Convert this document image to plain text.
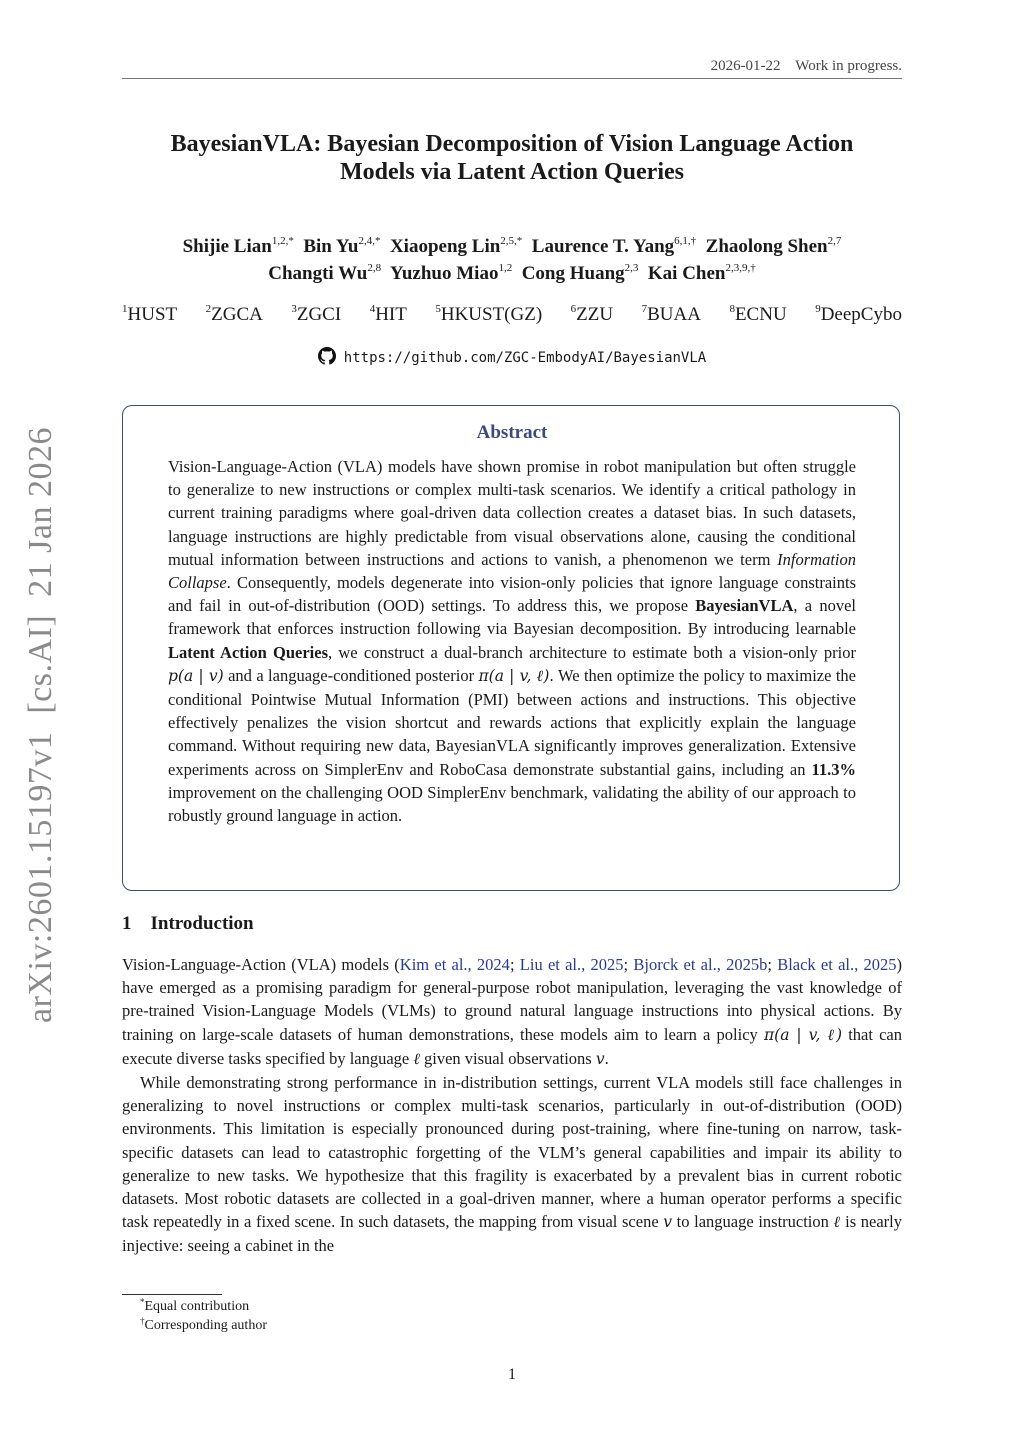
2026-01-22 Work in progress.
arXiv:2601.15197v1  [cs.AI]  21 Jan 2026
BayesianVLA: Bayesian Decomposition of Vision Language Action
Models via Latent Action Queries
Shijie Lian$^{1,2,*}$ Bin $Yu^{2,4,*}$ Xiaopeng Lin$^{2,5,*}$ Laurence T. Yang$^{6,1,\dagger}$ Zhaolong Shen$^{2,7}$
Changti Wu$^{2,8}$ Yuzhuo Miao$^{1,2}$ Cong Huang$^{2,3}$ Kai Chen$^{2,3,9,\dagger}$
$^1$HUST	$^2$ZGCA	$^3$ZGCI	$^4$HIT	$^5$HKUST(GZ)	$^6$ZZU	$^7$BUAA	$^8$ECNU	$^9$DeepCybo
https://github.com/ZGC-EmbodyAI/BayesianVLA
Abstract
Vision-Language-Action (VLA) models have shown promise in robot manipulation but often struggle to generalize to new instructions or complex multi-task scenarios. We identify a critical pathology in current training paradigms where goal-driven data collection creates a dataset bias. In such datasets, language instructions are highly predictable from visual observations alone, causing the conditional mutual information between instructions and actions to vanish, a phenomenon we term Information Collapse. Consequently, models degenerate into vision-only policies that ignore language constraints and fail in out-of-distribution (OOD) settings. To address this, we propose BayesianVLA, a novel framework that enforces instruction following via Bayesian decomposition. By introducing learnable Latent Action Queries, we construct a dual-branch architecture to estimate both a vision-only prior p(a | v) and a language-conditioned posterior π(a | v, ℓ). We then optimize the policy to maximize the conditional Pointwise Mutual Information (PMI) between actions and instructions. This objective effectively penalizes the vision shortcut and rewards actions that explicitly explain the language command. Without requiring new data, BayesianVLA significantly improves generalization. Extensive experiments across on SimplerEnv and RoboCasa demonstrate substantial gains, including an 11.3% improvement on the challenging OOD SimplerEnv benchmark, validating the ability of our approach to robustly ground language in action.
1 Introduction

Vision-Language-Action (VLA) models (Kim et al., 2024; Liu et al., 2025; Bjorck et al., 2025b; Black et al., 2025) have emerged as a promising paradigm for general-purpose robot manipulation, leveraging the vast knowledge of pre-trained Vision-Language Models (VLMs) to ground natural language instructions into physical actions. By training on large-scale datasets of human demonstrations, these models aim to learn a policy π(a | v, ℓ) that can execute diverse tasks specified by language ℓ given visual observations v.

While demonstrating strong performance in in-distribution settings, current VLA models still face challenges in generalizing to novel instructions or complex multi-task scenarios, particularly in out-of-distribution (OOD) environments. This limitation is especially pronounced during post-training, where fine-tuning on narrow, task-specific datasets can lead to catastrophic forgetting of the VLM’s general capabilities and impair its ability to generalize to new tasks. We hypothesize that this fragility is exacerbated by a prevalent bias in current robotic datasets. Most robotic datasets are collected in a goal-driven manner, where a human operator performs a specific task repeatedly in a fixed scene. In such datasets, the mapping from visual scene v to language instruction ℓ is nearly injective: seeing a cabinet in the

*Equal contribution
†Corresponding author
1
